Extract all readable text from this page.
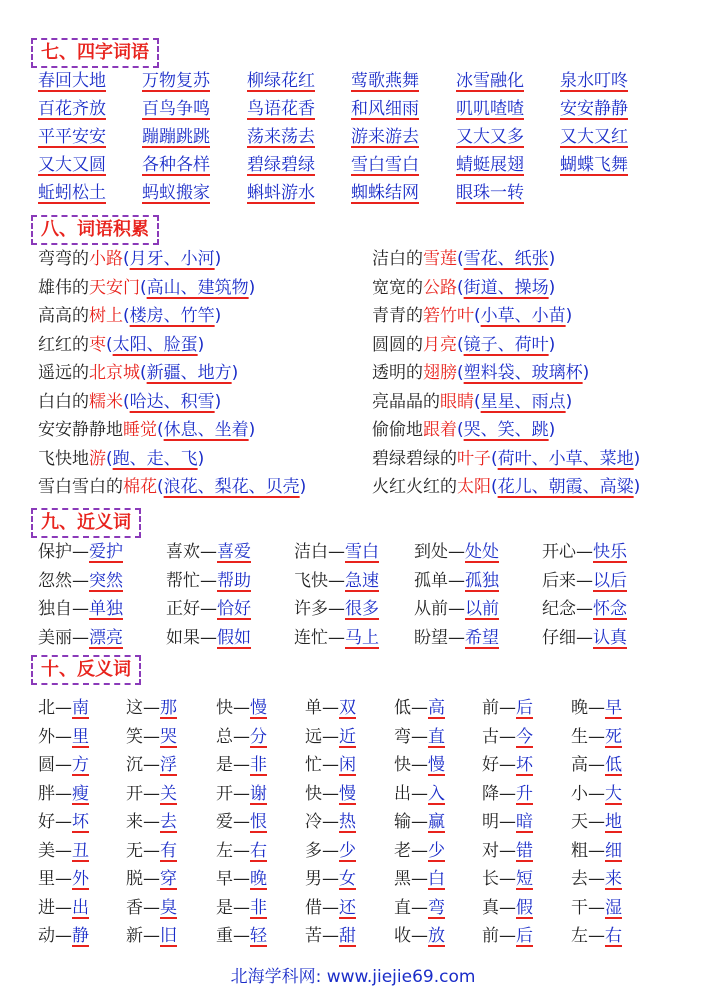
七、四字词语
春回大地 万物复苏 柳绿花红 莺歌燕舞 冰雪融化 泉水叮咚
百花齐放 百鸟争鸣 鸟语花香 和风细雨 叽叽喳喳 安安静静
平平安安 蹦蹦跳跳 荡来荡去 游来游去 又大又多 又大又红
又大又圆 各种各样 碧绿碧绿 雪白雪白 蜻蜓展翅 蝴蝶飞舞
蚯蚓松土 蚂蚁搬家 蝌蚪游水 蜘蛛结网 眼珠一转
八、词语积累
弯弯的小路(月牙、小河)	洁白的雪莲(雪花、纸张)
雄伟的天安门(高山、建筑物)	宽宽的公路(街道、操场)
高高的树上(楼房、竹竿)	青青的箬竹叶(小草、小苗)
红红的枣(太阳、脸蛋)	圆圆的月亮(镜子、荷叶)
遥远的北京城(新疆、地方)	透明的翅膀(塑料袋、玻璃杯)
白白的糯米(哈达、积雪)	亮晶晶的眼睛(星星、雨点)
安安静静地睡觉(休息、坐着)	偷偷地跟着(哭、笑、跳)
飞快地游(跑、走、飞)	碧绿碧绿的叶子(荷叶、小草、菜地)
雪白雪白的棉花(浪花、梨花、贝壳)	火红火红的太阳(花儿、朝霞、高粱)
九、近义词
保护—爱护	喜欢—喜爱	洁白—雪白 到处—处处	开心—快乐
忽然—突然	帮忙—帮助	飞快—急速 孤单—孤独	后来—以后
独自—单独	正好—恰好	许多—很多 从前—以前	纪念—怀念
美丽—漂亮	如果—假如	连忙—马上 盼望—希望	仔细—认真
十、反义词
北—南 这—那 快—慢 单—双 低—高 前—后 晚—早
外—里 笑—哭 总—分 远—近 弯—直 古—今 生—死
圆—方 沉—浮 是—非 忙—闲 快—慢 好—坏 高—低
胖—瘦 开—关 开—谢 快—慢 出—入 降—升 小—大
好—坏 来—去 爱—恨 冷—热 输—赢 明—暗 天—地
美—丑 无—有 左—右 多—少 老—少 对—错 粗—细
里—外 脱—穿 早—晚 男—女 黑—白 长—短 去—来
进—出 香—臭 是—非 借—还 直—弯 真—假 干—湿
动—静 新—旧 重—轻 苦—甜 收—放 前—后 左—右
北海学科网: www.jiejie69.com
